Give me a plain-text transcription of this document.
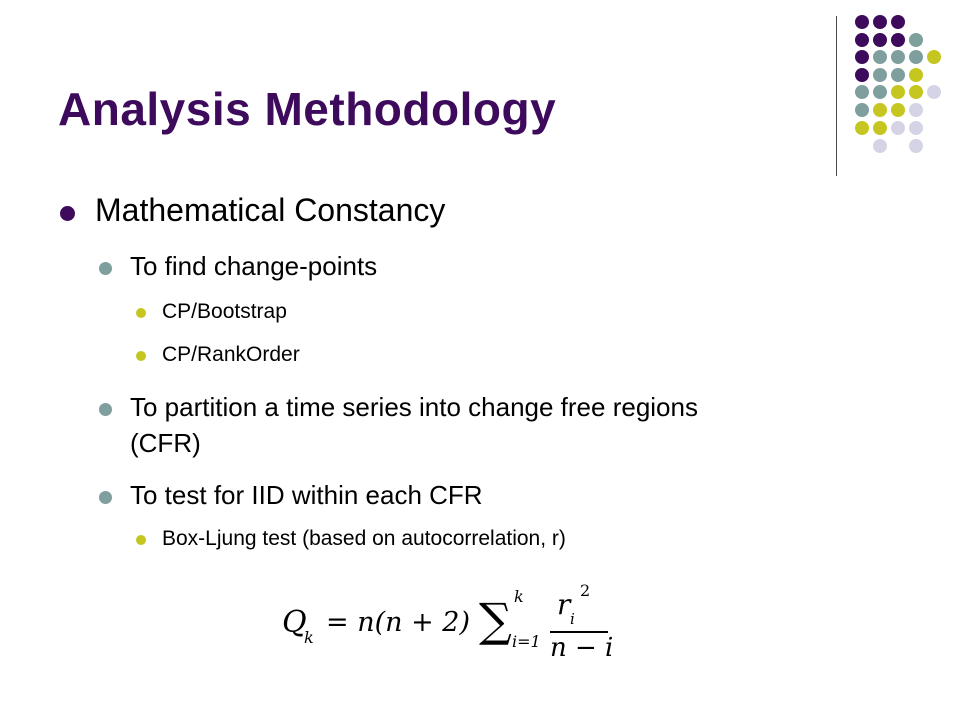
Analysis Methodology
Mathematical Constancy
To find change-points
CP/Bootstrap
CP/RankOrder
To partition a time series into change free regions
(CFR)
To test for IID within each CFR
Box-Ljung test (based on autocorrelation, r)
Q
k = n(n + 2) ∑ k
i=1
r i
2
n − i
